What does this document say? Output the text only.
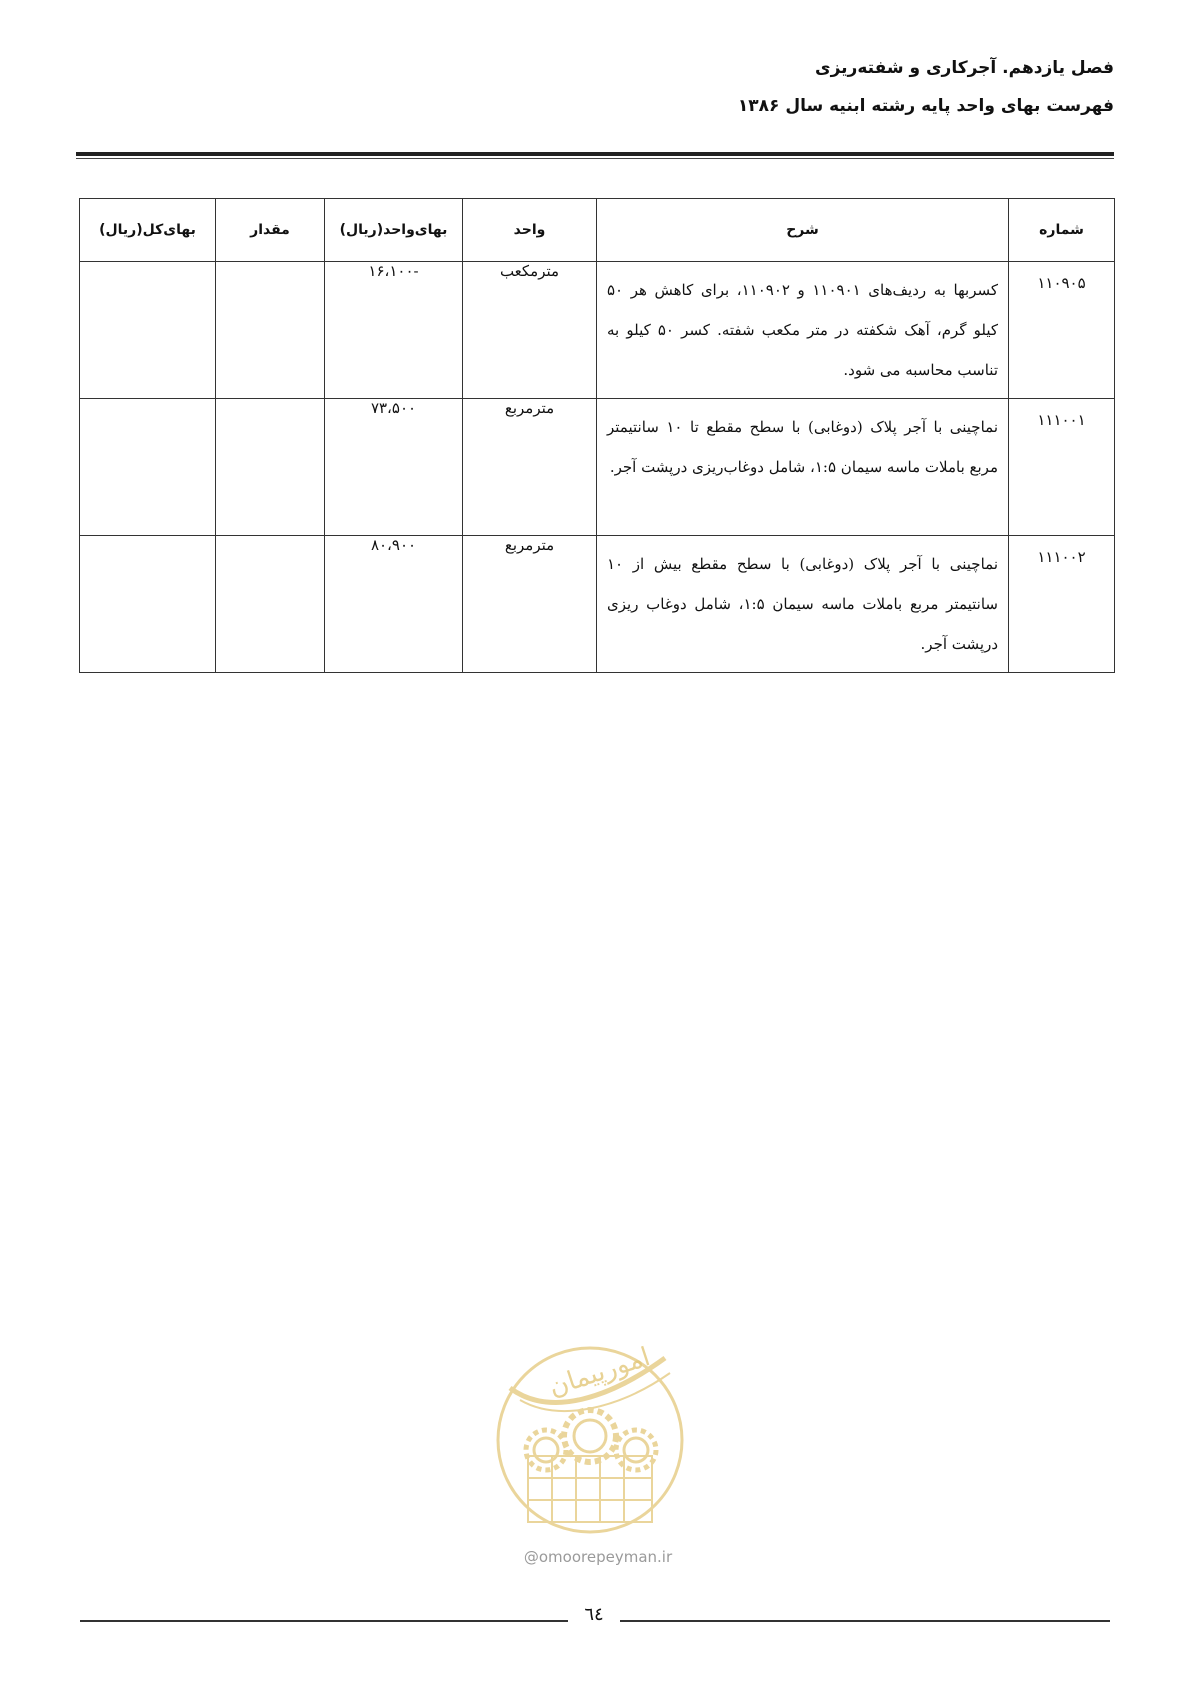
فصل یازدهم. آجرکاری و شفته‌ریزی
فهرست بهای واحد پایه رشته ابنیه سال ۱۳۸۶
شماره	شرح	واحد	بهای‌واحد(ریال)	مقدار	بهای‌کل(ریال)
۱۱۰۹۰۵	کسربها به ردیف‌های ۱۱۰۹۰۱ و ۱۱۰۹۰۲، برای کاهش هر ۵۰ کیلو گرم، آهک شکفته در متر مکعب شفته. کسر ۵۰ کیلو به تناسب محاسبه می شود.	مترمکعب	-۱۶،۱۰۰		
۱۱۱۰۰۱	نماچینی با آجر پلاک (دوغابی) با سطح مقطع تا ۱۰ سانتیمتر مربع باملات ماسه سیمان ۱:۵، شامل دوغاب‌ریزی درپشت آجر.	مترمربع	۷۳،۵۰۰		
۱۱۱۰۰۲	نماچینی با آجر پلاک (دوغابی) با سطح مقطع بیش از ۱۰ سانتیمتر مربع باملات ماسه سیمان ۱:۵، شامل دوغاب ریزی درپشت آجر.	مترمربع	۸۰،۹۰۰		
امورپیمان
@omoorepeyman.ir
٦٤
